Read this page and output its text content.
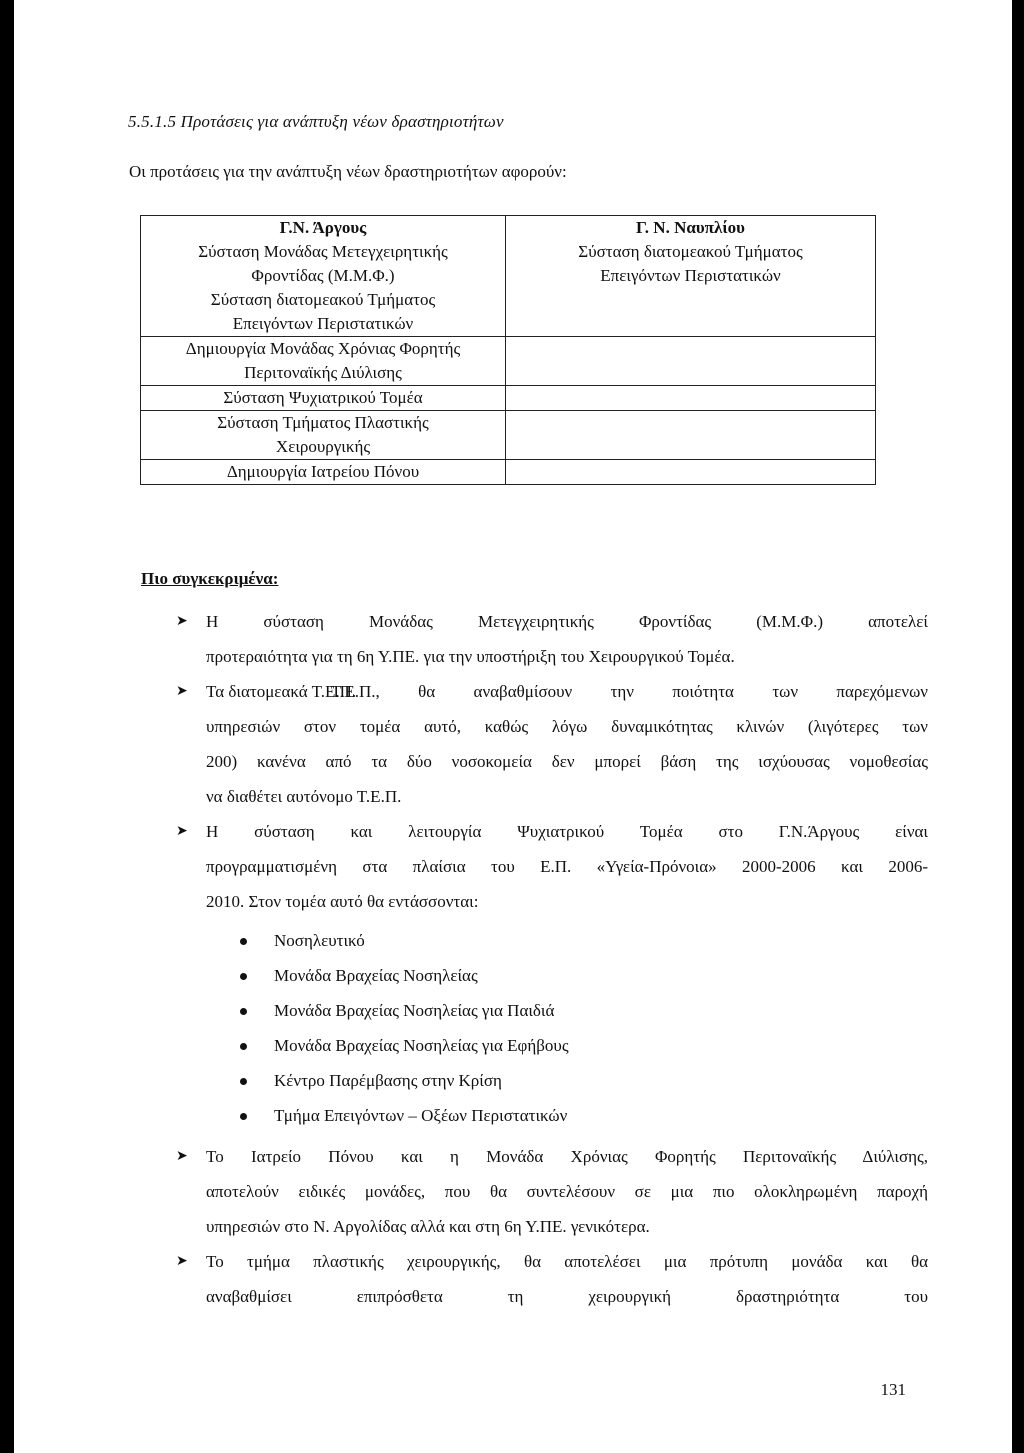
5.5.1.5 Προτάσεις για ανάπτυξη νέων δραστηριοτήτων
Οι προτάσεις για την ανάπτυξη νέων δραστηριοτήτων αφορούν:
Γ.Ν. Άργους
Σύσταση Μονάδας Μετεγχειρητικής
Φροντίδας (Μ.Μ.Φ.)
Σύσταση διατομεακού Τμήματος
Επειγόντων Περιστατικών	Γ. Ν. Ναυπλίου
Σύσταση διατομεακού Τμήματος
Επειγόντων Περιστατικών

Δημιουργία Μονάδας Χρόνιας Φορητής
Περιτοναϊκής Διύλισης	

Σύσταση Ψυχιατρικού Τομέα	

Σύσταση Τμήματος Πλαστικής
Χειρουργικής	

Δημιουργία Ιατρείου Πόνου	

Πιο συγκεκριμένα:
➤ Η σύσταση Μονάδας Μετεγχειρητικής Φροντίδας (Μ.Μ.Φ.) αποτελεί
προτεραιότητα για τη 6η Υ.ΠΕ. για την υποστήριξη του Χειρουργικού Τομέα.
➤ Τα διατομεακά Τ.Ε.Π.
Τ.Ε.Π., θα αναβαθμίσουν την ποιότητα των παρεχόμενων
υπηρεσιών στον τομέα αυτό, καθώς λόγω δυναμικότητας κλινών (λιγότερες των
200) κανένα από τα δύο νοσοκομεία δεν μπορεί βάση της ισχύουσας νομοθεσίας
να διαθέτει αυτόνομο Τ.Ε.Π.
➤ Η σύσταση και λειτουργία Ψυχιατρικού Τομέα στο Γ.Ν.Άργους είναι
προγραμματισμένη στα πλαίσια του Ε.Π. «Υγεία-Πρόνοια» 2000-2006 και 2006-
2010. Στον τομέα αυτό θα εντάσσονται:
Νοσηλευτικό
Μονάδα Βραχείας Νοσηλείας
Μονάδα Βραχείας Νοσηλείας για Παιδιά
Μονάδα Βραχείας Νοσηλείας για Εφήβους
Κέντρο Παρέμβασης στην Κρίση
Τμήμα Επειγόντων – Οξέων Περιστατικών
➤ Το Ιατρείο Πόνου και η Μονάδα Χρόνιας Φορητής Περιτοναϊκής Διύλισης,
αποτελούν ειδικές μονάδες, που θα συντελέσουν σε μια πιο ολοκληρωμένη παροχή
υπηρεσιών στο Ν. Αργολίδας αλλά και στη 6η Υ.ΠΕ. γενικότερα.
➤ Το τμήμα πλαστικής χειρουργικής, θα αποτελέσει μια πρότυπη μονάδα και θα
αναβαθμίσει επιπρόσθετα τη χειρουργική δραστηριότητα του
131
